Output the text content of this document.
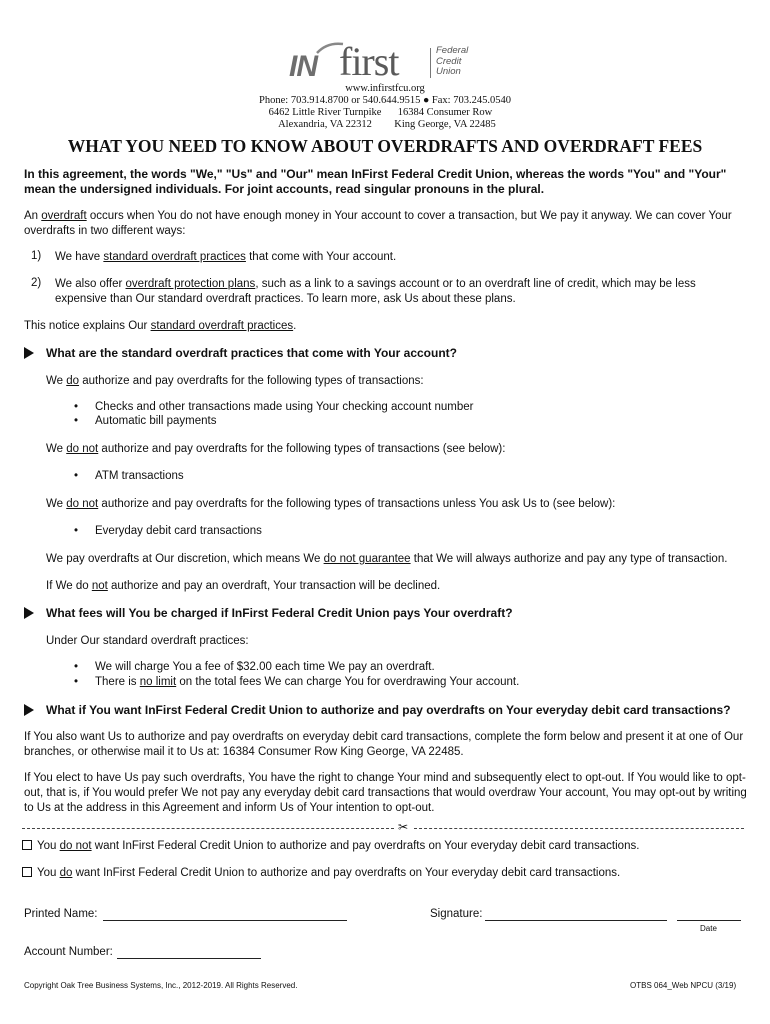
IN first	Federal
Credit
Union
www.infirstfcu.org
Phone: 703.914.8700 or 540.644.9515 ● Fax: 703.245.0540
6462 Little River Turnpike
Alexandria, VA 22312
16384 Consumer Row
King George, VA 22485
WHAT YOU NEED TO KNOW ABOUT OVERDRAFTS AND OVERDRAFT FEES

In this agreement, the words "We," "Us" and "Our" mean InFirst Federal Credit Union, whereas the words "You" and "Your" mean the undersigned individuals. For joint accounts, read singular pronouns in the plural.

An overdraft occurs when You do not have enough money in Your account to cover a transaction, but We pay it anyway. We can cover Your overdrafts in two different ways:

1) We have standard overdraft practices that come with Your account.

2) We also offer overdraft protection plans, such as a link to a savings account or to an overdraft line of credit, which may be less expensive than Our standard overdraft practices. To learn more, ask Us about these plans.

This notice explains Our standard overdraft practices.

What are the standard overdraft practices that come with Your account?

We do authorize and pay overdrafts for the following types of transactions:

• Checks and other transactions made using Your checking account number
• Automatic bill payments

We do not authorize and pay overdrafts for the following types of transactions (see below):

• ATM transactions

We do not authorize and pay overdrafts for the following types of transactions unless You ask Us to (see below):

• Everyday debit card transactions

We pay overdrafts at Our discretion, which means We do not guarantee that We will always authorize and pay any type of transaction.

If We do not authorize and pay an overdraft, Your transaction will be declined.

What fees will You be charged if InFirst Federal Credit Union pays Your overdraft?

Under Our standard overdraft practices:

• We will charge You a fee of $32.00 each time We pay an overdraft.
• There is no limit on the total fees We can charge You for overdrawing Your account.
What if You want InFirst Federal Credit Union to authorize and pay overdrafts on Your everyday debit card transactions?

If You also want Us to authorize and pay overdrafts on everyday debit card transactions, complete the form below and present it at one of Our branches, or otherwise mail it to Us at: 16384 Consumer Row King George, VA 22485.

If You elect to have Us pay such overdrafts, You have the right to change Your mind and subsequently elect to opt-out. If You would like to opt-out, that is, if You would prefer We not pay any everyday debit card transactions that would overdraw Your account, You may opt-out by writing to Us at the address in this Agreement and inform Us of Your intention to opt-out.

✂
You do not want InFirst Federal Credit Union to authorize and pay overdrafts on Your everyday debit card transactions.
You do want InFirst Federal Credit Union to authorize and pay overdrafts on Your everyday debit card transactions.
Printed Name:	Signature:
Date
Account Number:
Copyright Oak Tree Business Systems, Inc., 2012-2019. All Rights Reserved.	OTBS 064_Web NPCU (3/19)
